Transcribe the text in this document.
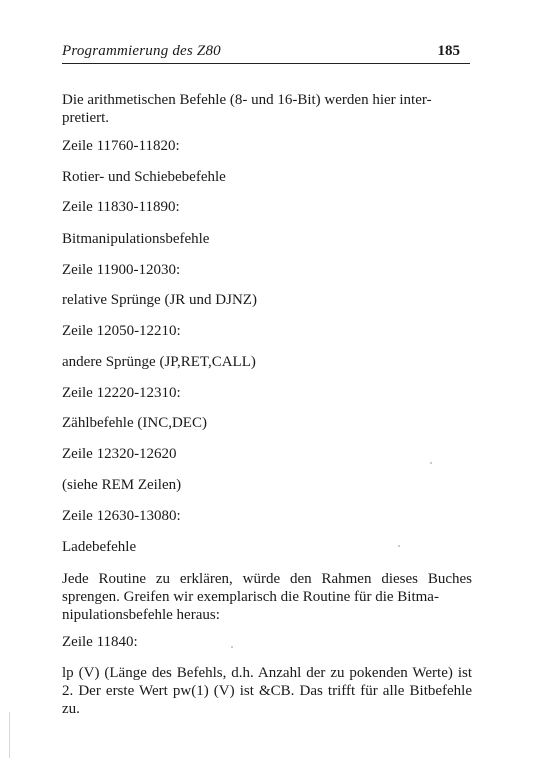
Programmierung des Z80	185

Die arithmetischen Befehle (8- und 16-Bit) werden hier inter-
pretiert.

Zeile 11760-11820:

Rotier- und Schiebebefehle

Zeile 11830-11890:

Bitmanipulationsbefehle

Zeile 11900-12030:

relative Sprünge (JR und DJNZ)

Zeile 12050-12210:

andere Sprünge (JP,RET,CALL)

Zeile 12220-12310:

Zählbefehle (INC,DEC)

Zeile 12320-12620

(siehe REM Zeilen)

Zeile 12630-13080:

Ladebefehle

Jede Routine zu erklären, würde den Rahmen dieses Buches sprengen. Greifen wir exemplarisch die Routine für die Bitma-
nipulationsbefehle heraus:

Zeile 11840:

lp (V) (Länge des Befehls, d.h. Anzahl der zu pokenden Werte) ist 2. Der erste Wert pw(1) (V) ist &CB. Das trifft für alle Bitbefehle zu.
